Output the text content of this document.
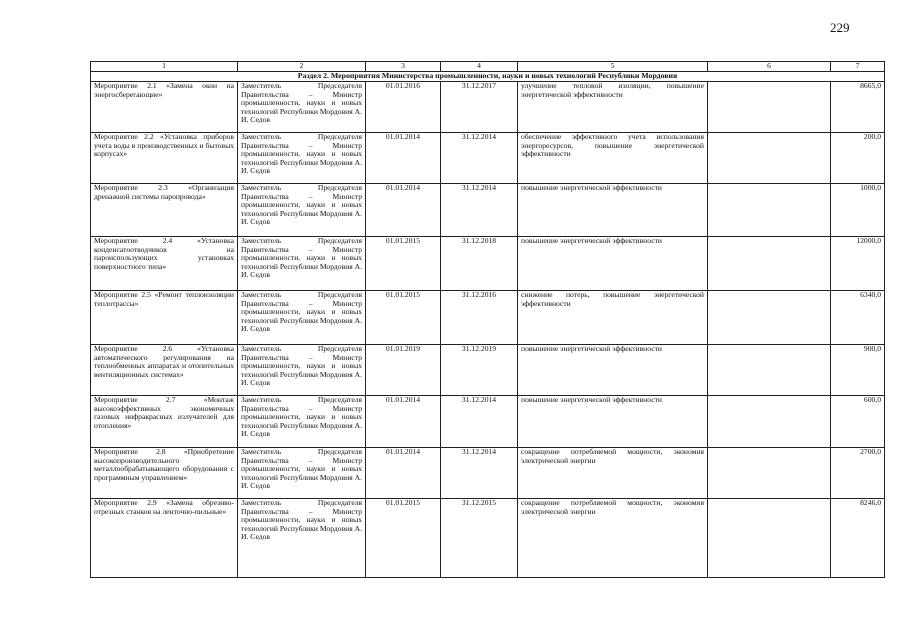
229
1	2	3	4	5	6	7
Раздел 2. Мероприятия Министерства промышленности, науки и новых технологий Республики Мордовия						
Мероприятие 2.1 «Замена окон на энергосберегающие»	Заместитель Председателя Правительства – Министр промышленности, науки и новых технологий Республики Мордовия А. И. Седов	01.01.2016	31.12.2017	улучшение тепловой изоляции, повышение энергетической эффективности		8665,0
Мероприятие 2.2 «Установка приборов учета воды в производственных и бытовых корпусах»	Заместитель Председателя Правительства – Министр промышленности, науки и новых технологий Республики Мордовия А. И. Седов	01.01.2014	31.12.2014	обеспечение эффективного учета использования энергоресурсов, повышение энергетической эффективности		200,0
Мероприятие 2.3 «Организация дренажной системы паропровода»	Заместитель Председателя Правительства – Министр промышленности, науки и новых технологий Республики Мордовия А. И. Седов	01.01.2014	31.12.2014	повышение энергетической эффективности		1000,0
Мероприятие 2.4 «Установка конденсатоотводчиков на пароиспользующих установках поверхностного типа»	Заместитель Председателя Правительства – Министр промышленности, науки и новых технологий Республики Мордовия А. И. Седов	01.01.2015	31.12.2018	повышение энергетической эффективности		12000,0
Мероприятие 2.5 «Ремонт теплоизоляции теплотрассы»	Заместитель Председателя Правительства – Министр промышленности, науки и новых технологий Республики Мордовия А. И. Седов	01.01.2015	31.12.2016	снижение потерь, повышение энергетической эффективности		6340,0
Мероприятие 2.6 «Установка автоматического регулирования на теплообменных аппаратах и отопительных вентиляционных системах»	Заместитель Председателя Правительства – Министр промышленности, науки и новых технологий Республики Мордовия А. И. Седов	01.01.2019	31.12.2019	повышение энергетической эффективности		900,0
Мероприятие 2.7 «Монтаж высокоэффективных экономичных газовых инфракрасных излучателей для отопления»	Заместитель Председателя Правительства – Министр промышленности, науки и новых технологий Республики Мордовия А. И. Седов	01.01.2014	31.12.2014	повышение энергетической эффективности		600,0
Мероприятие 2.8 «Приобретение высокопроизводительного металлообрабатывающего оборудования с программным управлением»	Заместитель Председателя Правительства – Министр промышленности, науки и новых технологий Республики Мордовия А. И. Седов	01.01.2014	31.12.2014	сокращение потребляемой мощности, экономия электрической энергии		2700,0
Мероприятие 2.9 «Замена обрезиво-отрезных станков на ленточно-пильные»	Заместитель Председателя Правительства – Министр промышленности, науки и новых технологий Республики Мордовия А. И. Седов	01.01.2015	31.12.2015	сокращение потребляемой мощности, экономия электрической энергии		8246,0
